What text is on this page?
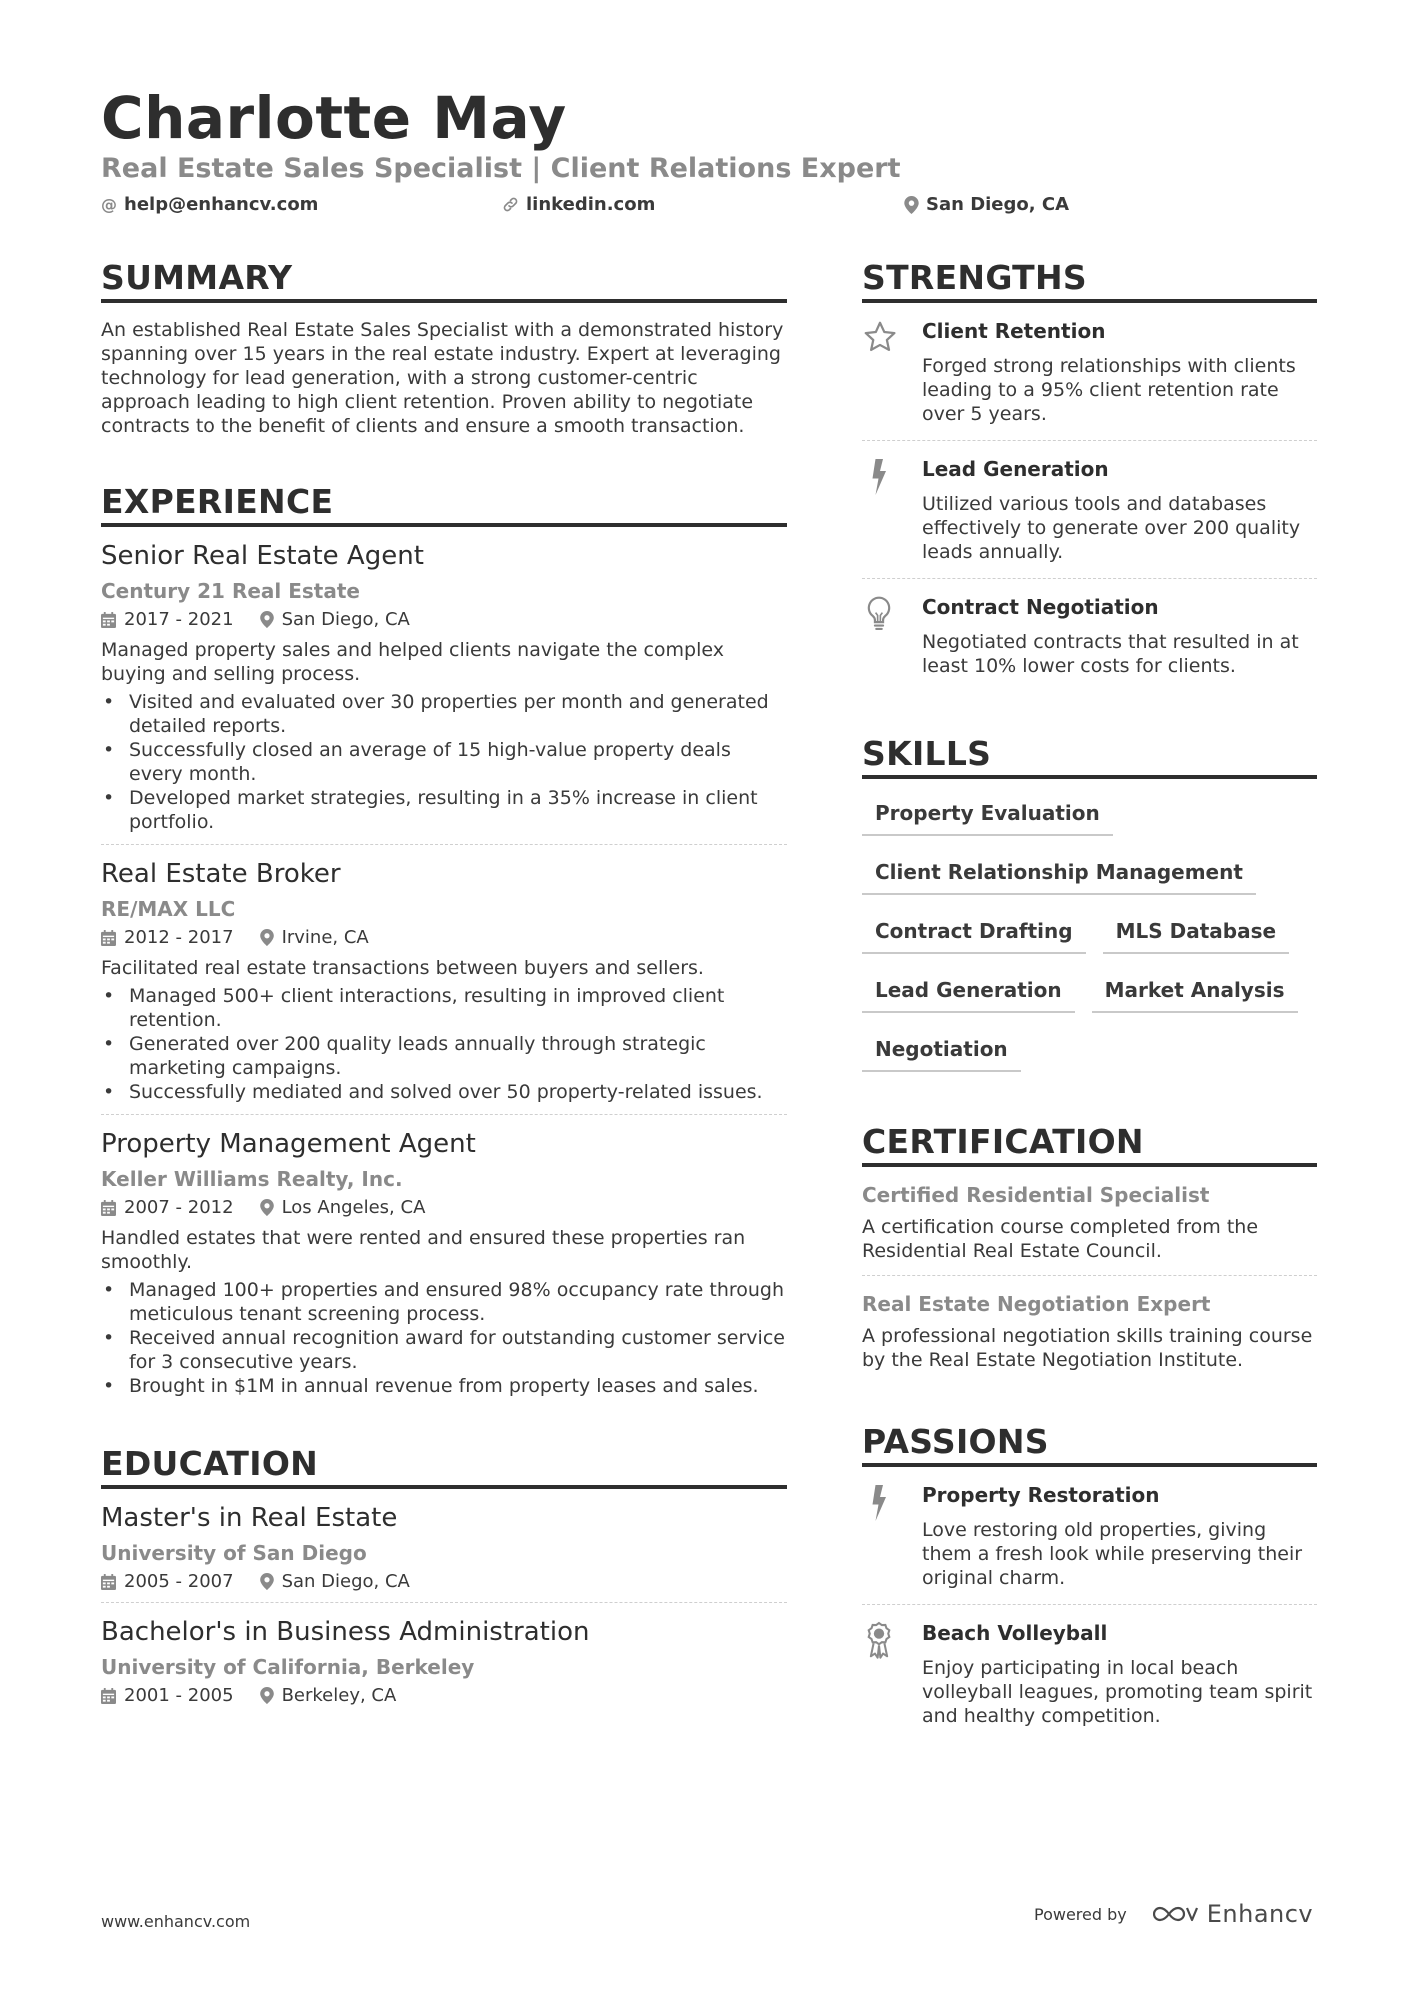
Charlotte May
Real Estate Sales Specialist | Client Relations Expert
@ help@enhancv.com	linkedin.com	San Diego, CA
SUMMARY
An established Real Estate Sales Specialist with a demonstrated history spanning over 15 years in the real estate industry. Expert at leveraging technology for lead generation, with a strong customer-centric approach leading to high client retention. Proven ability to negotiate contracts to the benefit of clients and ensure a smooth transaction.
EXPERIENCE
Senior Real Estate Agent
Century 21 Real Estate
2017 - 2021	San Diego, CA
Managed property sales and helped clients navigate the complex buying and selling process.
• Visited and evaluated over 30 properties per month and generated detailed reports.
• Successfully closed an average of 15 high-value property deals every month.
• Developed market strategies, resulting in a 35% increase in client portfolio.
Real Estate Broker
RE/MAX LLC
2012 - 2017	Irvine, CA
Facilitated real estate transactions between buyers and sellers.
• Managed 500+ client interactions, resulting in improved client retention.
• Generated over 200 quality leads annually through strategic marketing campaigns.
• Successfully mediated and solved over 50 property-related issues.
Property Management Agent
Keller Williams Realty, Inc.
2007 - 2012	Los Angeles, CA
Handled estates that were rented and ensured these properties ran smoothly.
• Managed 100+ properties and ensured 98% occupancy rate through meticulous tenant screening process.
• Received annual recognition award for outstanding customer service for 3 consecutive years.
• Brought in $1M in annual revenue from property leases and sales.
EDUCATION
Master's in Real Estate
University of San Diego
2005 - 2007	San Diego, CA
Bachelor's in Business Administration
University of California, Berkeley
2001 - 2005	Berkeley, CA
STRENGTHS
Client Retention
Forged strong relationships with clients leading to a 95% client retention rate over 5 years.
Lead Generation
Utilized various tools and databases effectively to generate over 200 quality leads annually.
Contract Negotiation
Negotiated contracts that resulted in at least 10% lower costs for clients.
SKILLS
Property Evaluation
Client Relationship Management
Contract Drafting	MLS Database
Lead Generation	Market Analysis
Negotiation
CERTIFICATION
Certified Residential Specialist
A certification course completed from the Residential Real Estate Council.
Real Estate Negotiation Expert
A professional negotiation skills training course by the Real Estate Negotiation Institute.
PASSIONS
Property Restoration
Love restoring old properties, giving them a fresh look while preserving their original charm.
Beach Volleyball
Enjoy participating in local beach volleyball leagues, promoting team spirit and healthy competition.
www.enhancv.com	Powered by	Enhancv
